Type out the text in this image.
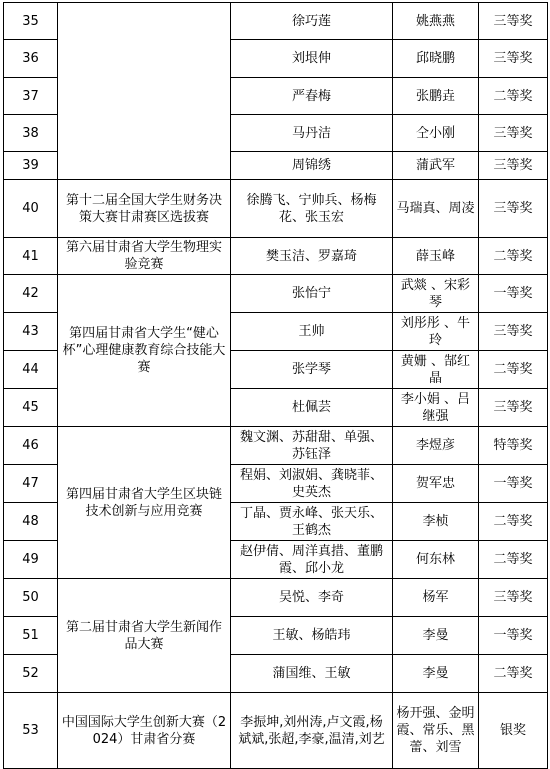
35		徐巧莲	姚燕燕	三等奖
36		刘垠伸	邱晓鹏	三等奖
37		严春梅	张鹏垚	二等奖
38		马丹洁	仝小刚	三等奖
39		周锦绣	蒲武军	三等奖
40	第十二届全国大学生财务决策大赛甘肃赛区选拔赛	徐腾飞、宁帅兵、杨梅花、张玉宏	马瑞真、周凌	三等奖
41	第六届甘肃省大学生物理实验竞赛	樊玉洁、罗嘉琦	薛玉峰	二等奖
42	第四届甘肃省大学生“健心杯”心理健康教育综合技能大赛	张怡宁	武燚 、宋彩琴	一等奖
43		王帅	刘彤彤 、牛玲	三等奖
44		张学琴	黄姗 、郜红晶	二等奖
45		杜佩芸	李小娟 、吕继强	三等奖
46	第四届甘肃省大学生区块链技术创新与应用竞赛	魏文渊、苏甜甜、单强、苏钰泽	李煜彦	特等奖
47		程娟、刘淑娟、龚晓菲、史英杰	贺军忠	一等奖
48		丁晶、贾永峰、张天乐、王鹤杰	李桢	二等奖
49		赵伊倩、周洋真措、董鹏霞、邱小龙	何东林	二等奖
50	第二届甘肃省大学生新闻作品大赛	吴悦、李奇	杨军	三等奖
51		王敏、杨皓玮	李曼	一等奖
52		蒲国维、王敏	李曼	二等奖
53	中国国际大学生创新大赛（2024）甘肃省分赛	李振坤,刘州涛,卢文霞,杨斌斌,张超,李豪,温清,刘艺	杨开强、金明霞、常乐、黑蕾、刘雪	银奖
